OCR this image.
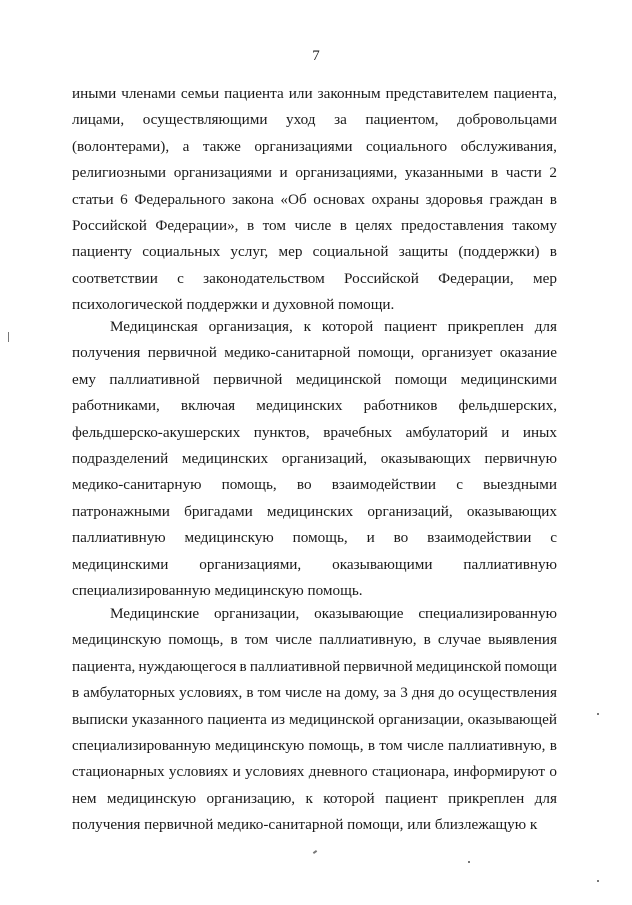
7
иными членами семьи пациента или законным представителем пациента,
лицами, осуществляющими уход за пациентом, добровольцами
(волонтерами), а также организациями социального обслуживания,
религиозными организациями и организациями, указанными в части 2
статьи 6 Федерального закона «Об основах охраны здоровья граждан в
Российской Федерации», в том числе в целях предоставления такому
пациенту социальных услуг, мер социальной защиты (поддержки) в
соответствии с законодательством Российской Федерации, мер
психологической поддержки и духовной помощи.
Медицинская организация, к которой пациент прикреплен для
получения первичной медико-санитарной помощи, организует оказание
ему паллиативной первичной медицинской помощи медицинскими
работниками, включая медицинских работников фельдшерских,
фельдшерско-акушерских пунктов, врачебных амбулаторий и иных
подразделений медицинских организаций, оказывающих первичную
медико-санитарную помощь, во взаимодействии с выездными
патронажными бригадами медицинских организаций, оказывающих
паллиативную медицинскую помощь, и во взаимодействии с
медицинскими организациями, оказывающими паллиативную
специализированную медицинскую помощь.
Медицинские организации, оказывающие специализированную
медицинскую помощь, в том числе паллиативную, в случае выявления
пациента, нуждающегося в паллиативной первичной медицинской помощи
в амбулаторных условиях, в том числе на дому, за 3 дня до осуществления
выписки указанного пациента из медицинской организации, оказывающей
специализированную медицинскую помощь, в том числе паллиативную, в
стационарных условиях и условиях дневного стационара, информируют о
нем медицинскую организацию, к которой пациент прикреплен для
получения первичной медико-санитарной помощи, или близлежащую к
